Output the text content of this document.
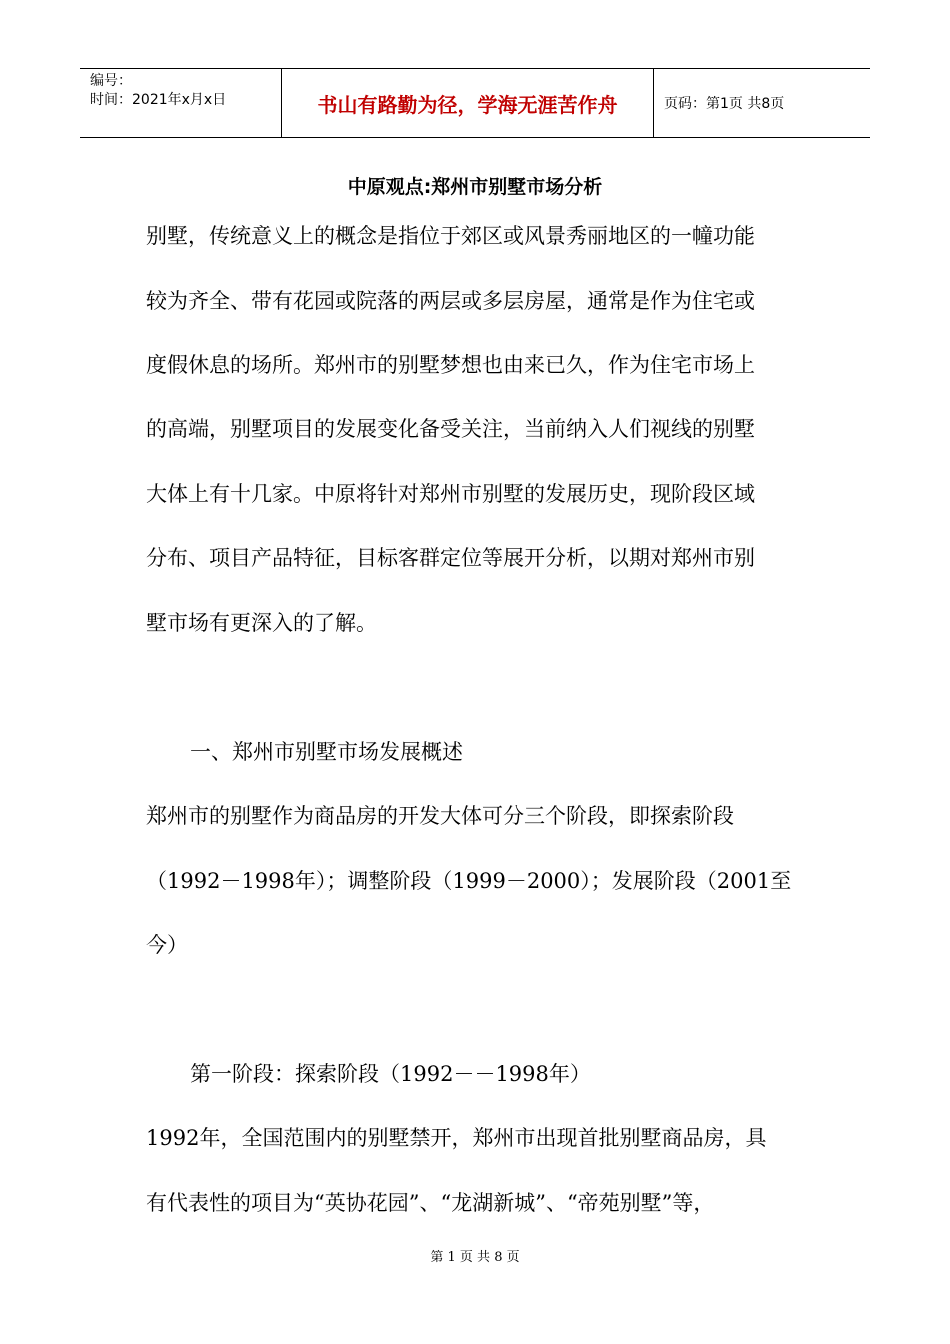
编号：
时间：2021年x月x日	书山有路勤为径，学海无涯苦作舟	页码：第1页 共8页
中原观点:郑州市别墅市场分析
别墅，传统意义上的概念是指位于郊区或风景秀丽地区的一幢功能
较为齐全、带有花园或院落的两层或多层房屋，通常是作为住宅或
度假休息的场所。郑州市的别墅梦想也由来已久，作为住宅市场上
的高端，别墅项目的发展变化备受关注，当前纳入人们视线的别墅
大体上有十几家。中原将针对郑州市别墅的发展历史，现阶段区域
分布、项目产品特征，目标客群定位等展开分析，以期对郑州市别
墅市场有更深入的了解。
一、郑州市别墅市场发展概述
郑州市的别墅作为商品房的开发大体可分三个阶段，即探索阶段
（1992－1998年）；调整阶段（1999－2000）；发展阶段（2001至
今）
第一阶段：探索阶段（1992－－1998年）
1992年，全国范围内的别墅禁开，郑州市出现首批别墅商品房，具
有代表性的项目为“英协花园”、“龙湖新城”、“帝苑别墅”等，
第 1 页 共 8 页
